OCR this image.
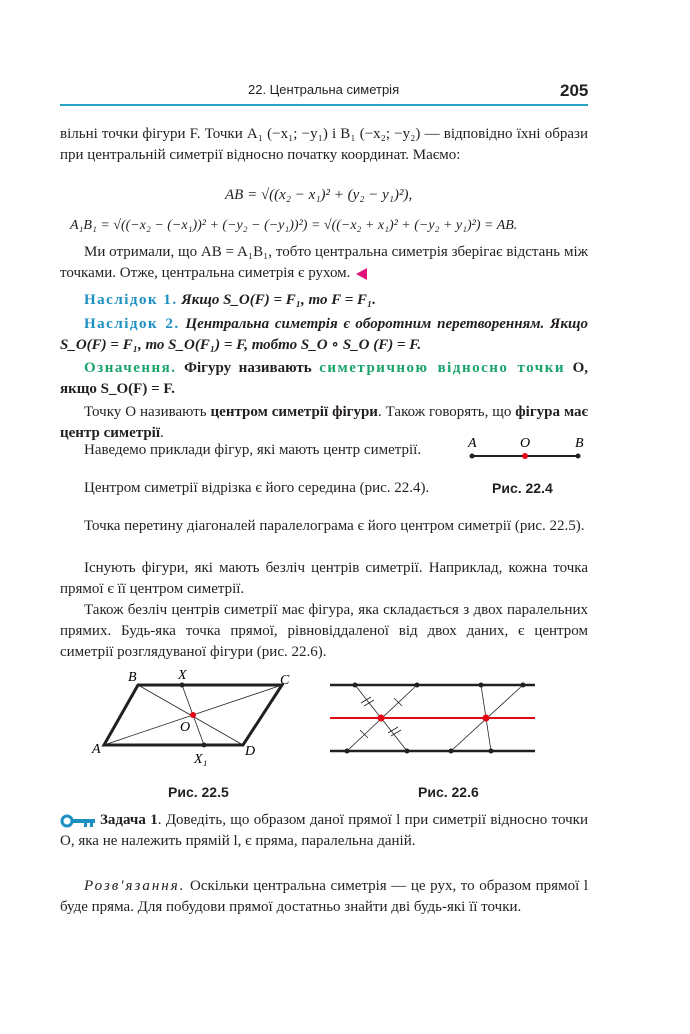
22. Центральна симетрія	205
вільні точки фігури F. Точки A₁ (−x₁; −y₁) і B₁ (−x₂; −y₂) — відповідно їхні образи при центральній симетрії відносно початку координат. Маємо:
AB = √((x₂ − x₁)² + (y₂ − y₁)²),
A₁B₁ = √((−x₂ − (−x₁))² + (−y₂ − (−y₁))²) = √((−x₂ + x₁)² + (−y₂ + y₁)²) = AB.
Ми отримали, що AB = A₁B₁, тобто центральна симетрія зберігає відстань між точками. Отже, центральна симетрія є рухом.
Наслідок 1. Якщо S_O(F) = F₁, то F = F₁.
Наслідок 2. Центральна симетрія є оборотним перетворенням. Якщо S_O(F) = F₁, то S_O(F₁) = F, тобто S_O ∘ S_O (F) = F.
Означення. Фігуру називають симетричною відносно точки O, якщо S_O(F) = F.
Точку O називають центром симетрії фігури. Також говорять, що фігура має центр симетрії.
Наведемо приклади фігур, які мають центр симетрії.
Центром симетрії відрізка є його середина (рис. 22.4).
A	O	B
Рис. 22.4
Точка перетину діагоналей паралелограма є його центром симетрії (рис. 22.5).
Існують фігури, які мають безліч центрів симетрії. Наприклад, кожна точка прямої є її центром симетрії.
Також безліч центрів симетрії має фігура, яка складається з двох паралельних прямих. Будь-яка точка прямої, рівновіддаленої від двох даних, є центром симетрії розглядуваної фігури (рис. 22.6).
B	X	C
O
A	D
X₁
Рис. 22.5	Рис. 22.6
Задача 1. Доведіть, що образом даної прямої l при симетрії відносно точки O, яка не належить прямій l, є пряма, паралельна даній.
Розв'язання. Оскільки центральна симетрія — це рух, то образом прямої l буде пряма. Для побудови прямої достатньо знайти дві будь-які її точки.
